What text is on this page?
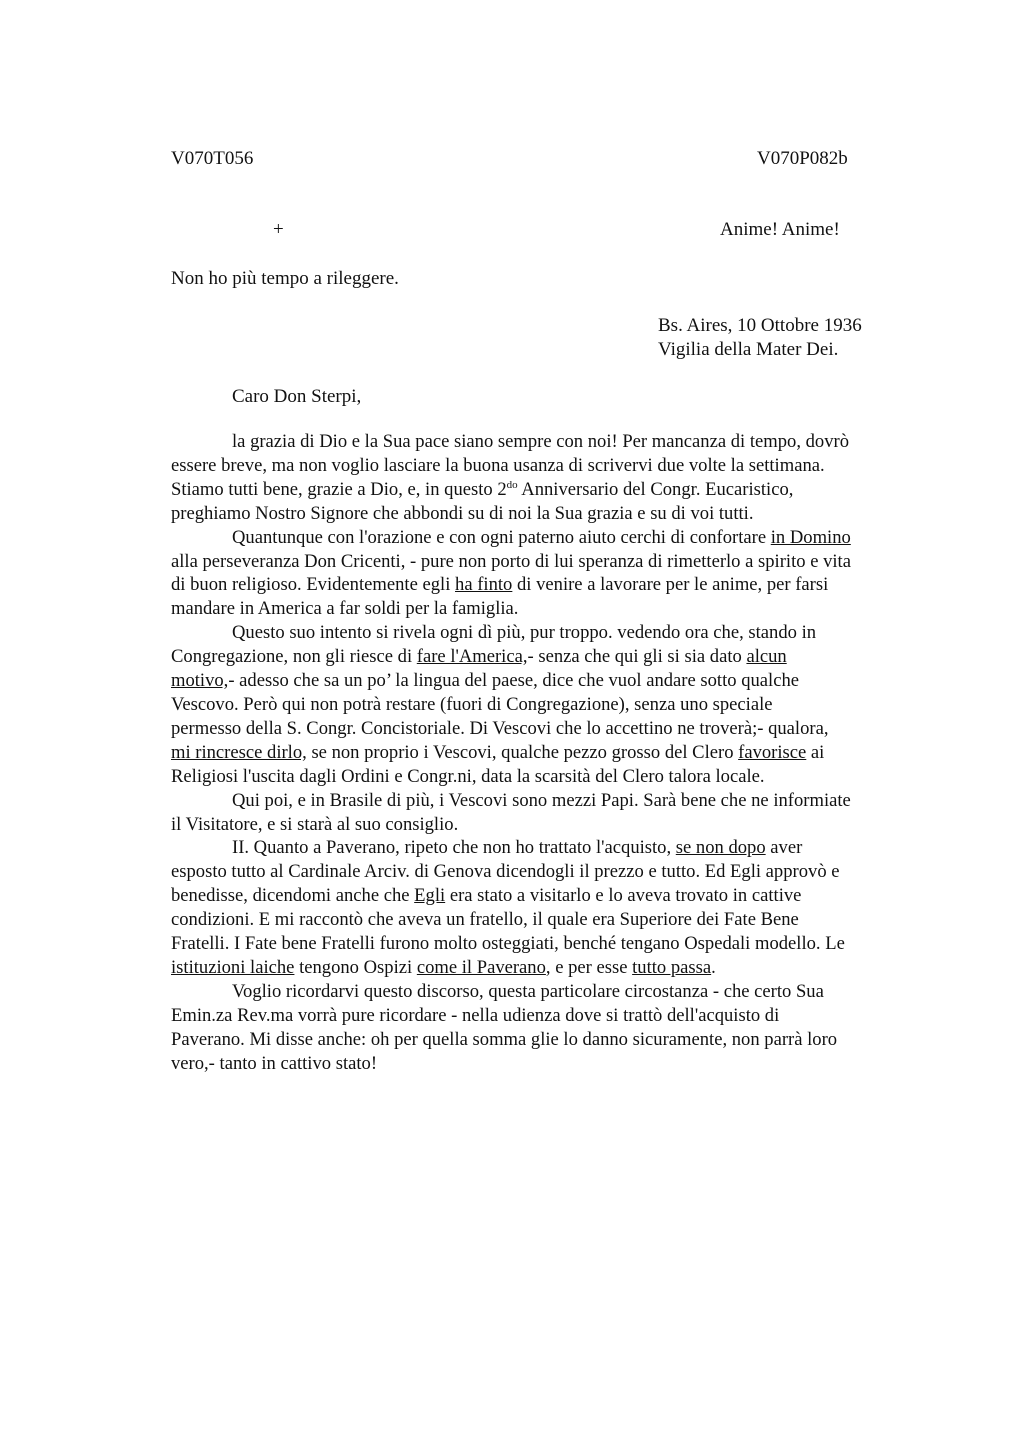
V070T056	V070P082b
+	Anime! Anime!
Non ho più tempo a rileggere.
Bs. Aires, 10 Ottobre 1936
Vigilia della Mater Dei.
Caro Don Sterpi,
la grazia di Dio e la Sua pace siano sempre con noi! Per mancanza di tempo, dovrò
essere breve, ma non voglio lasciare la buona usanza di scrivervi due volte la settimana.
Stiamo tutti bene, grazie a Dio, e, in questo $2^{do}$ Anniversario del Congr. Eucaristico,
preghiamo Nostro Signore che abbondi su di noi la Sua grazia e su di voi tutti.
Quantunque con l'orazione e con ogni paterno aiuto cerchi di confortare in Domino
alla perseveranza Don Cricenti, - pure non porto di lui speranza di rimetterlo a spirito e vita
di buon religioso. Evidentemente egli ha finto di venire a lavorare per le anime, per farsi
mandare in America a far soldi per la famiglia.
Questo suo intento si rivela ogni dì più, pur troppo. vedendo ora che, stando in
Congregazione, non gli riesce di fare l'America,- senza che qui gli si sia dato alcun
motivo,- adesso che sa un po’ la lingua del paese, dice che vuol andare sotto qualche
Vescovo. Però qui non potrà restare (fuori di Congregazione), senza uno speciale
permesso della S. Congr. Concistoriale. Di Vescovi che lo accettino ne troverà;- qualora,
mi rincresce dirlo, se non proprio i Vescovi, qualche pezzo grosso del Clero favorisce ai
Religiosi l'uscita dagli Ordini e Congr.ni, data la scarsità del Clero talora locale.
Qui poi, e in Brasile di più, i Vescovi sono mezzi Papi. Sarà bene che ne informiate
il Visitatore, e si starà al suo consiglio.
II. Quanto a Paverano, ripeto che non ho trattato l'acquisto, se non dopo aver
esposto tutto al Cardinale Arciv. di Genova dicendogli il prezzo e tutto. Ed Egli approvò e
benedisse, dicendomi anche che Egli era stato a visitarlo e lo aveva trovato in cattive
condizioni. E mi raccontò che aveva un fratello, il quale era Superiore dei Fate Bene
Fratelli. I Fate bene Fratelli furono molto osteggiati, benché tengano Ospedali modello. Le
istituzioni laiche tengono Ospizi come il Paverano, e per esse tutto passa.
Voglio ricordarvi questo discorso, questa particolare circostanza - che certo Sua
Emin.za Rev.ma vorrà pure ricordare - nella udienza dove si trattò dell'acquisto di
Paverano. Mi disse anche: oh per quella somma glie lo danno sicuramente, non parrà loro
vero,- tanto in cattivo stato!
